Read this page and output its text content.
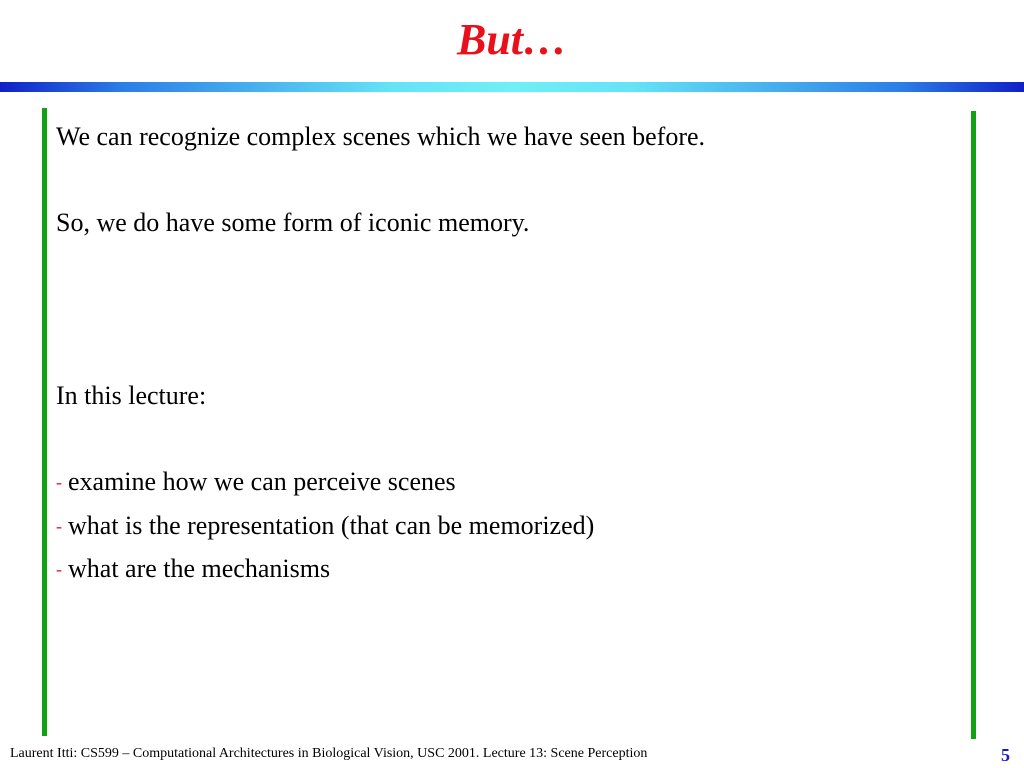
But…
We can recognize complex scenes which we have seen before.
So, we do have some form of iconic memory.
In this lecture:
- examine how we can perceive scenes
- what is the representation (that can be memorized)
- what are the mechanisms
Laurent Itti: CS599 – Computational Architectures in Biological Vision, USC 2001. Lecture 13: Scene Perception	5
